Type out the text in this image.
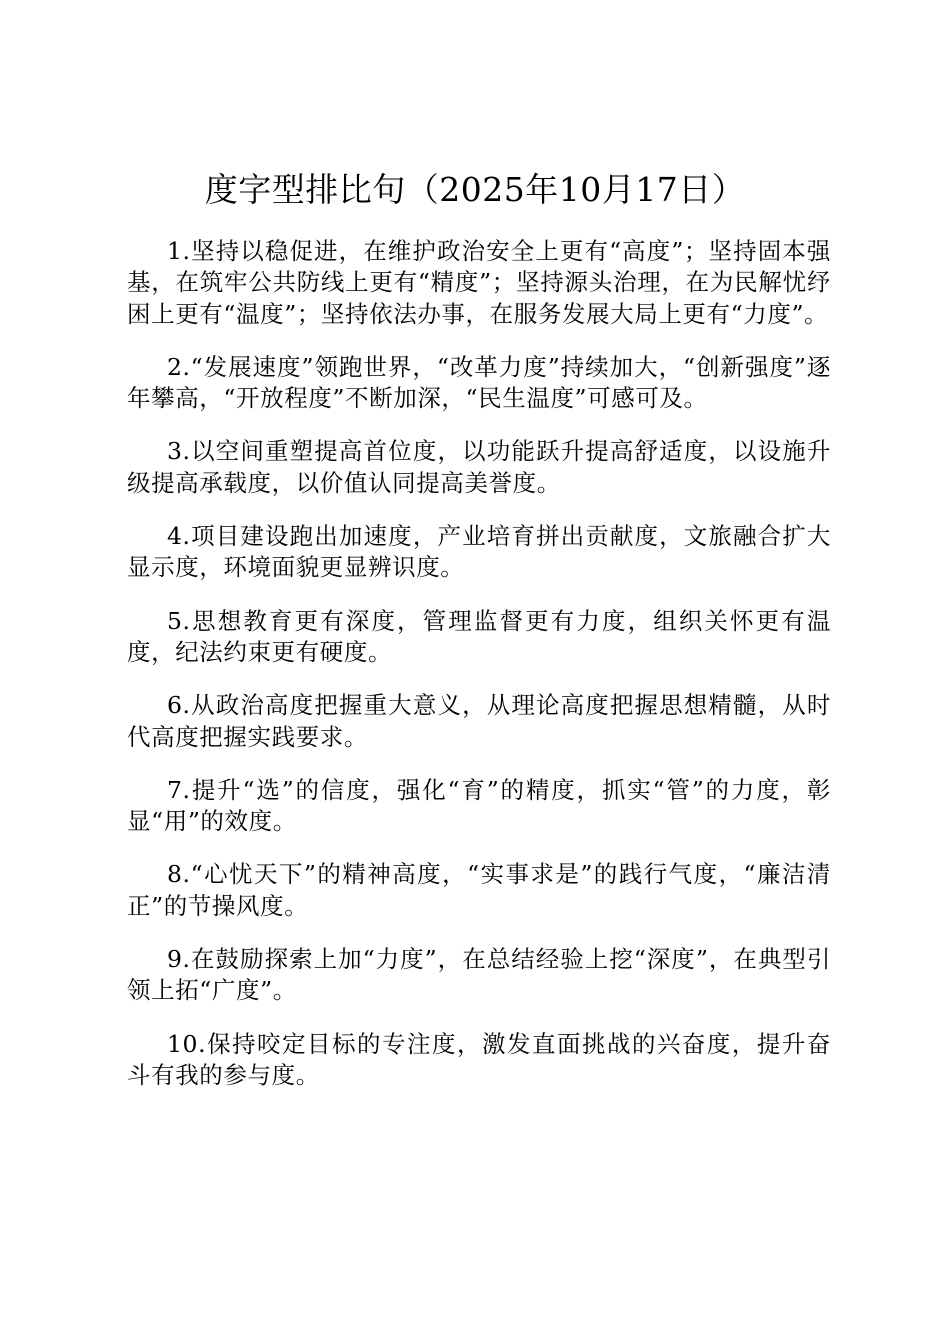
度字型排比句（2025年10月17日）

1.坚持以稳促进，在维护政治安全上更有“高度”；坚持固本强基，在筑牢公共防线上更有“精度”；坚持源头治理，在为民解忧纾困上更有“温度”；坚持依法办事，在服务发展大局上更有“力度”。

2.“发展速度”领跑世界，“改革力度”持续加大，“创新强度”逐年攀高，“开放程度”不断加深，“民生温度”可感可及。

3.以空间重塑提高首位度，以功能跃升提高舒适度，以设施升级提高承载度，以价值认同提高美誉度。

4.项目建设跑出加速度，产业培育拼出贡献度，文旅融合扩大显示度，环境面貌更显辨识度。

5.思想教育更有深度，管理监督更有力度，组织关怀更有温度，纪法约束更有硬度。

6.从政治高度把握重大意义，从理论高度把握思想精髓，从时代高度把握实践要求。

7.提升“选”的信度，强化“育”的精度，抓实“管”的力度，彰显“用”的效度。

8.“心忧天下”的精神高度，“实事求是”的践行气度，“廉洁清正”的节操风度。

9.在鼓励探索上加“力度”，在总结经验上挖“深度”，在典型引领上拓“广度”。

10.保持咬定目标的专注度，激发直面挑战的兴奋度，提升奋斗有我的参与度。
